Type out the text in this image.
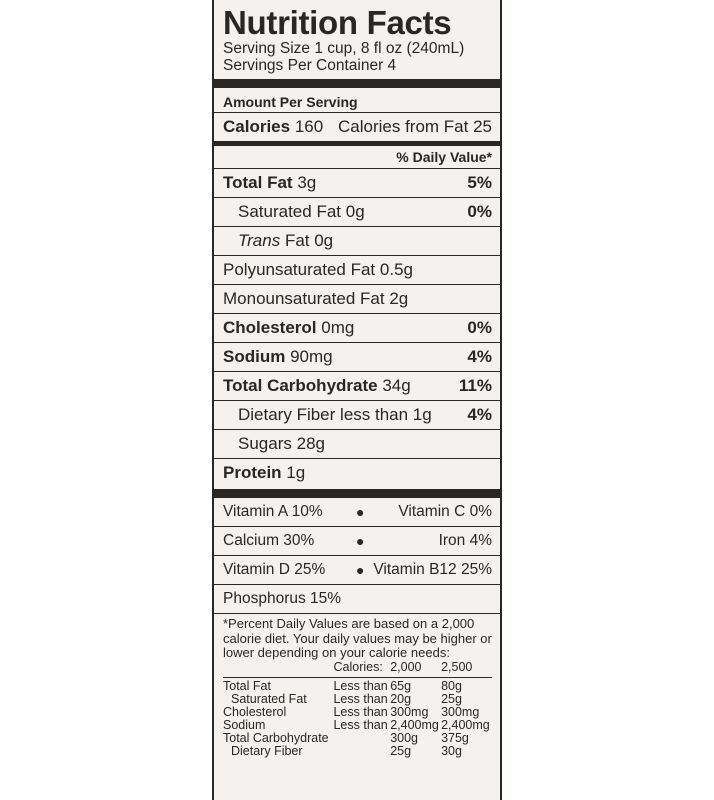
Nutrition Facts
Serving Size 1 cup, 8 fl oz (240mL)
Servings Per Container 4
Amount Per Serving
Calories 160 Calories from Fat 25
% Daily Value*
Total Fat 3g	5%
Saturated Fat 0g	0%
Trans Fat 0g
Polyunsaturated Fat 0.5g
Monounsaturated Fat 2g
Cholesterol 0mg	0%
Sodium 90mg	4%
Total Carbohydrate 34g	11%
Dietary Fiber less than 1g 4%
Sugars 28g
Protein 1g
Vitamin A 10% ● Vitamin C 0%
Calcium 30%	●	Iron 4%
Vitamin D 25% ● Vitamin B12 25%
Phosphorus 15%
*Percent Daily Values are based on a 2,000 calorie diet. Your daily values may be higher or lower depending on your calorie needs:
	Calories:	2,000	2,500

Total Fat	Less than	65g	80g
Saturated Fat	Less than	20g	25g
Cholesterol	Less than	300mg	300mg
Sodium	Less than	2,400mg	2,400mg
Total Carbohydrate		300g	375g
Dietary Fiber		25g	30g
